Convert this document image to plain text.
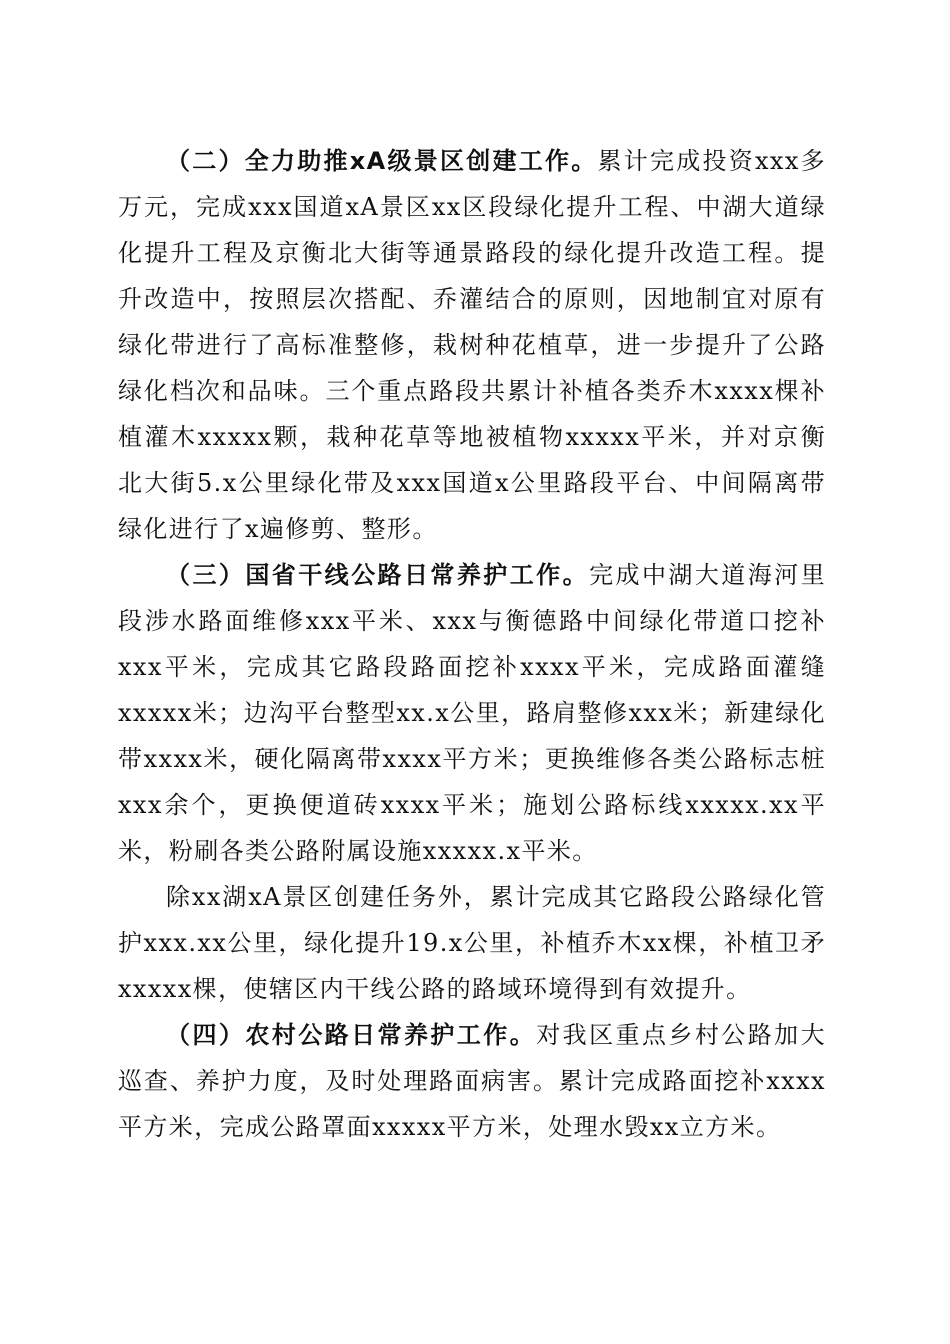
（二）全力助推xA级景区创建工作。累计完成投资xxx多万元，完成xxx国道xA景区xx区段绿化提升工程、中湖大道绿化提升工程及京衡北大街等通景路段的绿化提升改造工程。提升改造中，按照层次搭配、乔灌结合的原则，因地制宜对原有绿化带进行了高标准整修，栽树种花植草，进一步提升了公路绿化档次和品味。三个重点路段共累计补植各类乔木xxxx棵补植灌木xxxxx颗，栽种花草等地被植物xxxxx平米，并对京衡北大街5.x公里绿化带及xxx国道x公里路段平台、中间隔离带绿化进行了x遍修剪、整形。

（三）国省干线公路日常养护工作。完成中湖大道海河里段涉水路面维修xxx平米、xxx与衡德路中间绿化带道口挖补xxx平米，完成其它路段路面挖补xxxx平米，完成路面灌缝xxxxx米；边沟平台整型xx.x公里，路肩整修xxx米；新建绿化带xxxx米，硬化隔离带xxxx平方米；更换维修各类公路标志桩xxx余个，更换便道砖xxxx平米；施划公路标线xxxxx.xx平米，粉刷各类公路附属设施xxxxx.x平米。

除xx湖xA景区创建任务外，累计完成其它路段公路绿化管护xxx.xx公里，绿化提升19.x公里，补植乔木xx棵，补植卫矛xxxxx棵，使辖区内干线公路的路域环境得到有效提升。

（四）农村公路日常养护工作。对我区重点乡村公路加大巡查、养护力度，及时处理路面病害。累计完成路面挖补xxxx平方米，完成公路罩面xxxxx平方米，处理水毁xx立方米。
